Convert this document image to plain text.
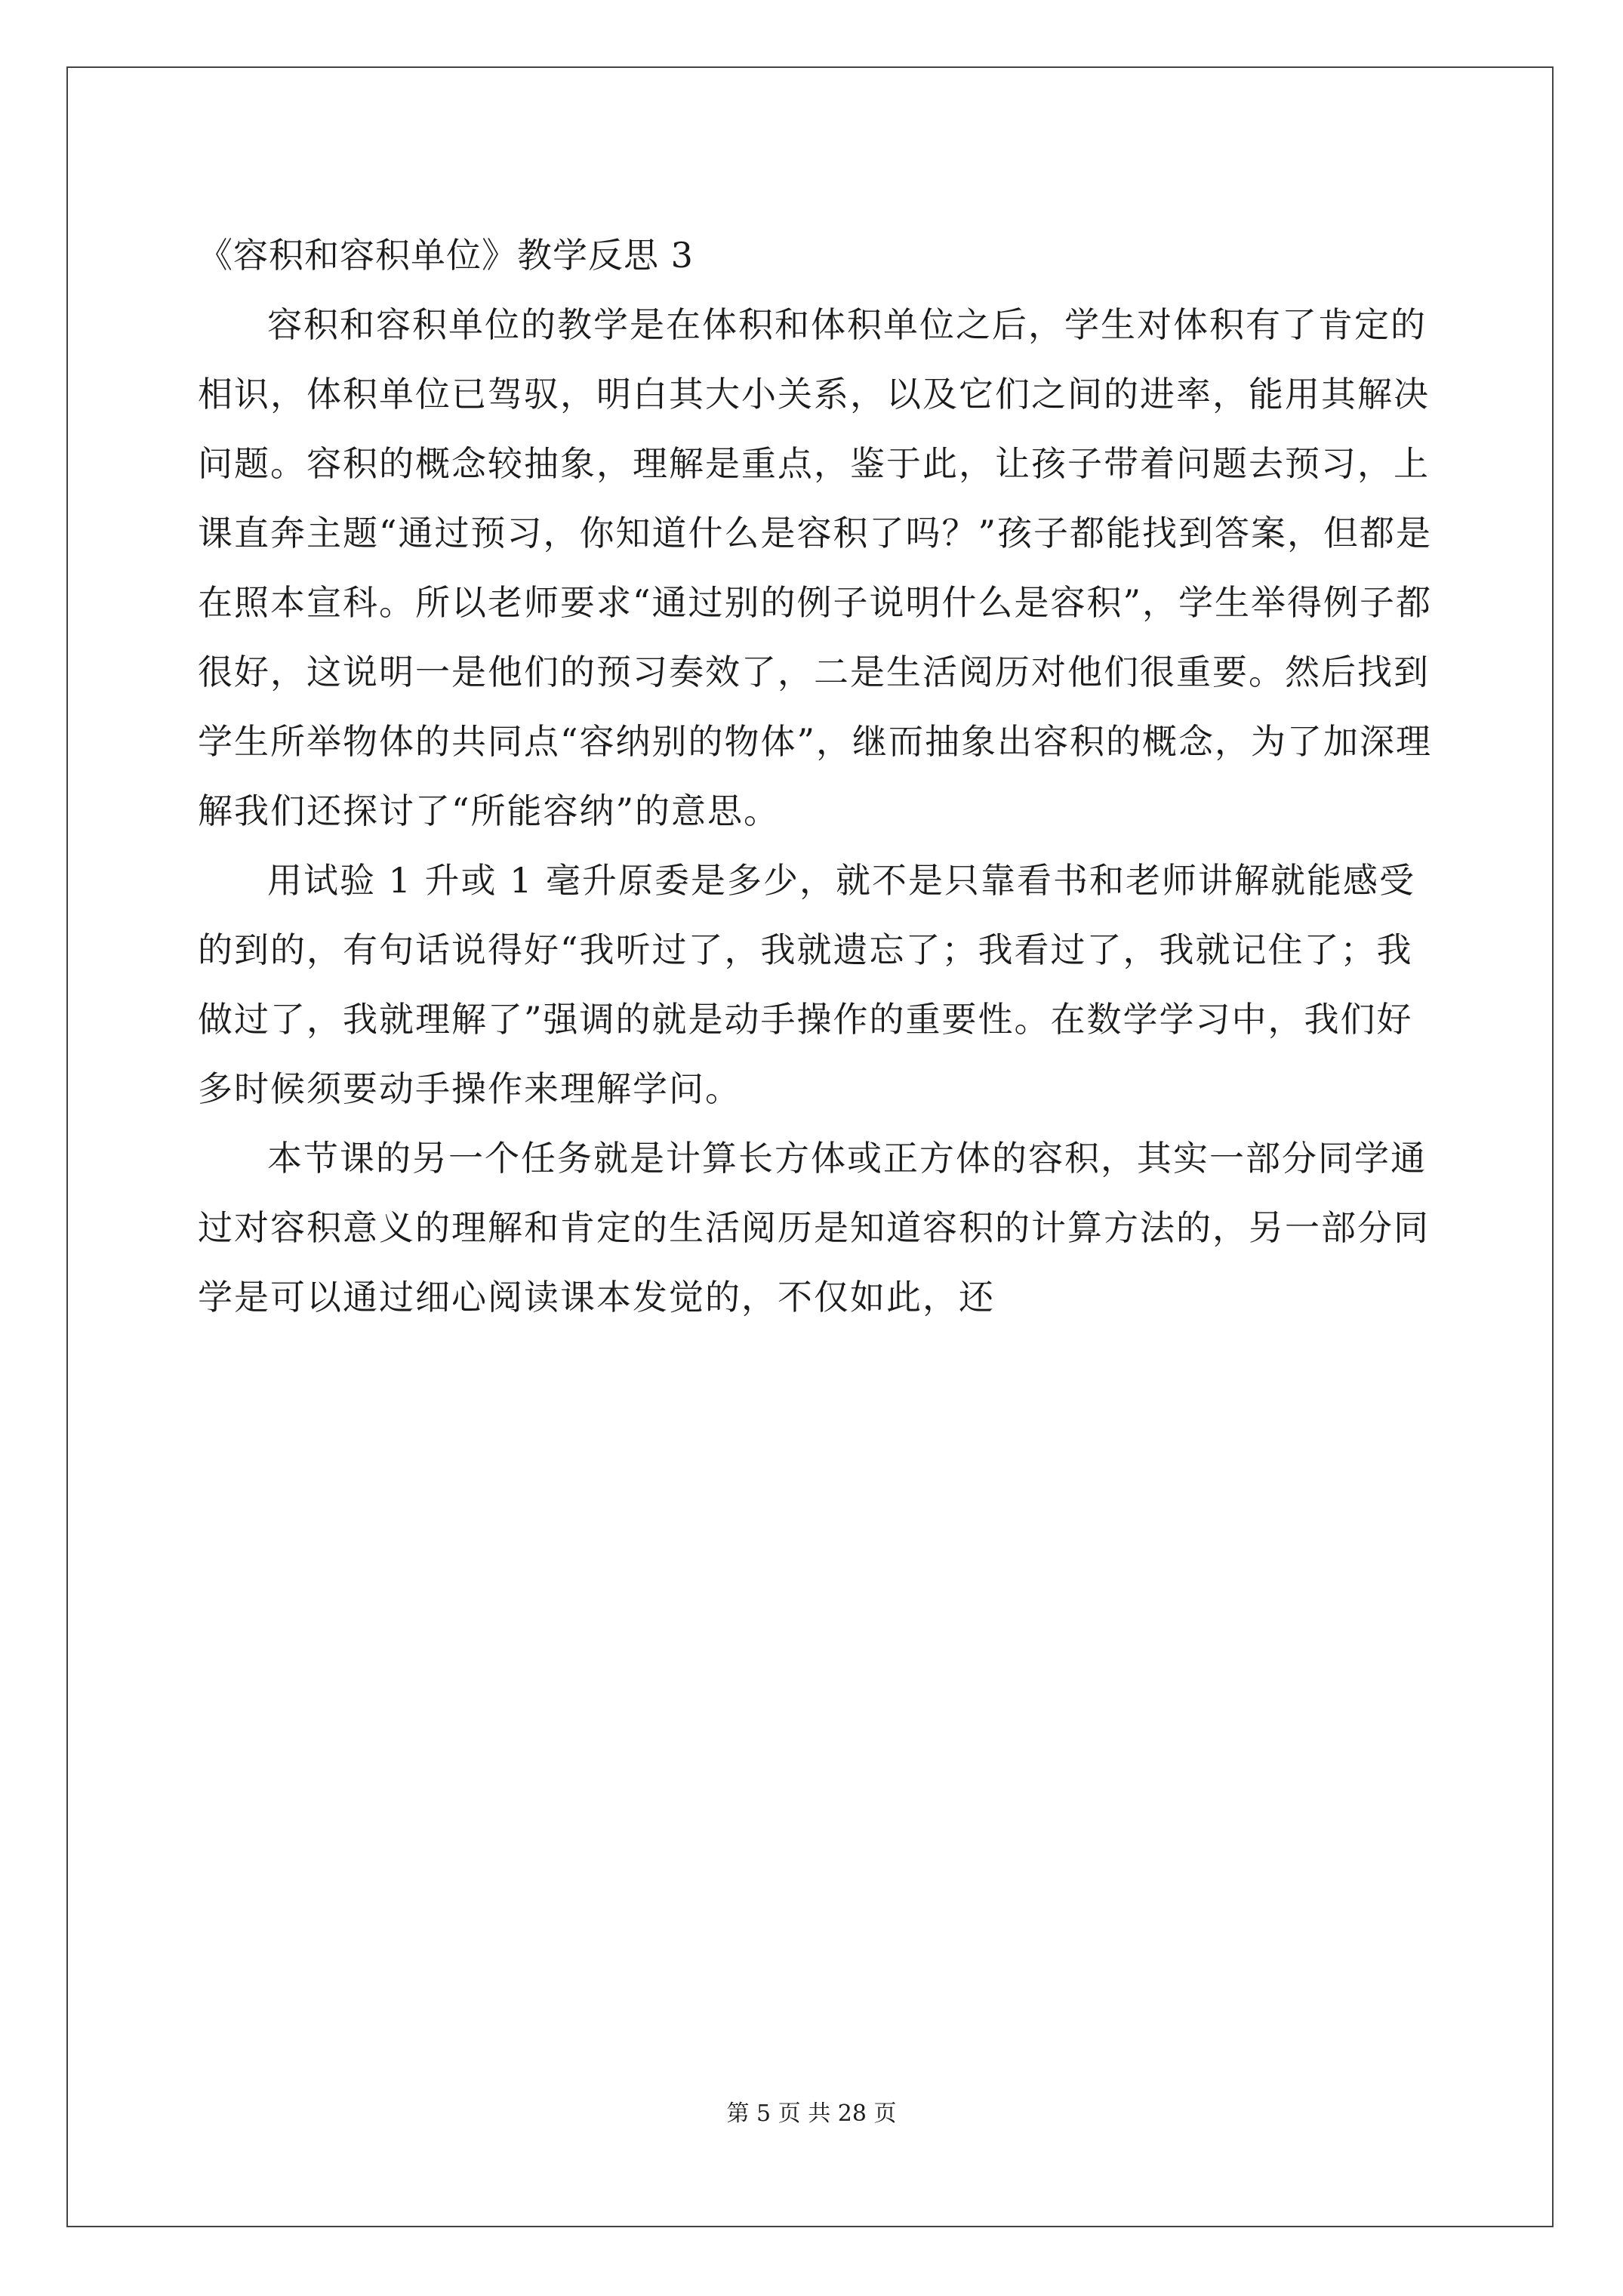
《容积和容积单位》教学反思 3

容积和容积单位的教学是在体积和体积单位之后，学生对体积有了肯定的相识，体积单位已驾驭，明白其大小关系，以及它们之间的进率，能用其解决问题。容积的概念较抽象，理解是重点，鉴于此，让孩子带着问题去预习，上课直奔主题“通过预习，你知道什么是容积了吗？”孩子都能找到答案，但都是在照本宣科。所以老师要求“通过别的例子说明什么是容积”，学生举得例子都很好，这说明一是他们的预习奏效了，二是生活阅历对他们很重要。然后找到学生所举物体的共同点“容纳别的物体”，继而抽象出容积的概念，为了加深理解我们还探讨了“所能容纳”的意思。

用试验 1 升或 1 毫升原委是多少，就不是只靠看书和老师讲解就能感受的到的，有句话说得好“我听过了，我就遗忘了；我看过了，我就记住了；我做过了，我就理解了”强调的就是动手操作的重要性。在数学学习中，我们好多时候须要动手操作来理解学问。

本节课的另一个任务就是计算长方体或正方体的容积，其实一部分同学通过对容积意义的理解和肯定的生活阅历是知道容积的计算方法的，另一部分同学是可以通过细心阅读课本发觉的，不仅如此，还

第 5 页 共 28 页
